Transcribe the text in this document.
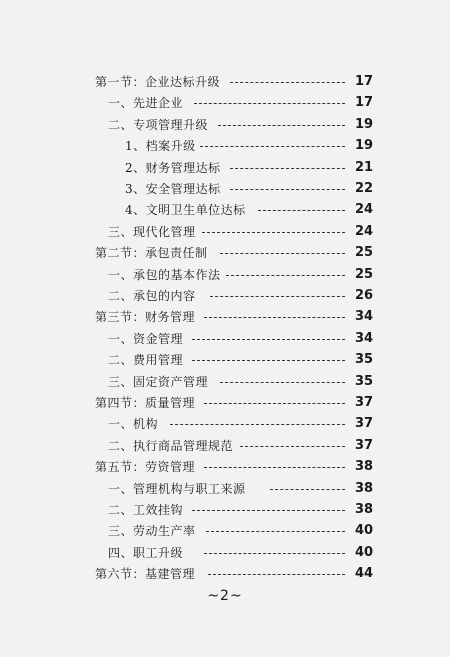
第一节：企业达标升级	17
一、先进企业	17
二、专项管理升级	19
1、档案升级	19
2、财务管理达标	21
3、安全管理达标	22
4、文明卫生单位达标	24
三、现代化管理	24
第二节：承包责任制	25
一、承包的基本作法	25
二、承包的内容	26
第三节：财务管理	34
一、资金管理	34
二、费用管理	35
三、固定资产管理	35
第四节：质量管理	37
一、机构	37
二、执行商品管理规范	37
第五节：劳资管理	38
一、管理机构与职工来源	38
二、工效挂钩	38
三、劳动生产率	40
四、职工升级	40
第六节：基建管理	44
~2~
